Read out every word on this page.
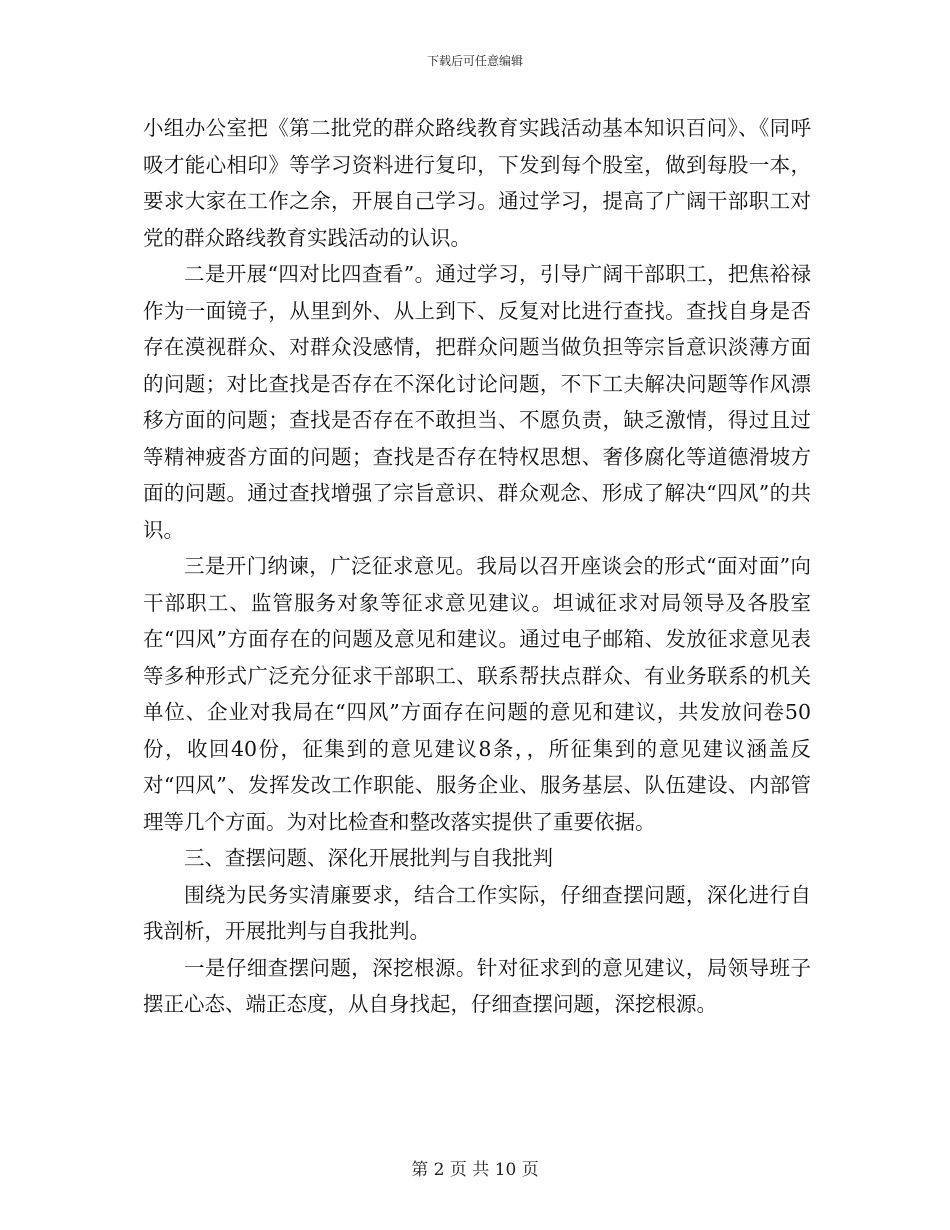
下载后可任意编辑

小组办公室把《第二批党的群众路线教育实践活动基本知识百问》、《同呼吸才能心相印》等学习资料进行复印，下发到每个股室，做到每股一本，要求大家在工作之余，开展自己学习。通过学习，提高了广阔干部职工对党的群众路线教育实践活动的认识。

二是开展“四对比四查看”。通过学习，引导广阔干部职工，把焦裕禄作为一面镜子，从里到外、从上到下、反复对比进行查找。查找自身是否存在漠视群众、对群众没感情，把群众问题当做负担等宗旨意识淡薄方面的问题；对比查找是否存在不深化讨论问题，不下工夫解决问题等作风漂移方面的问题；查找是否存在不敢担当、不愿负责，缺乏激情，得过且过等精神疲沓方面的问题；查找是否存在特权思想、奢侈腐化等道德滑坡方面的问题。通过查找增强了宗旨意识、群众观念、形成了解决“四风”的共识。

三是开门纳谏，广泛征求意见。我局以召开座谈会的形式“面对面”向干部职工、监管服务对象等征求意见建议。坦诚征求对局领导及各股室在“四风”方面存在的问题及意见和建议。通过电子邮箱、发放征求意见表等多种形式广泛充分征求干部职工、联系帮扶点群众、有业务联系的机关单位、企业对我局在“四风”方面存在问题的意见和建议，共发放问卷50份，收回40份，征集到的意见建议8条，，所征集到的意见建议涵盖反对“四风”、发挥发改工作职能、服务企业、服务基层、队伍建设、内部管理等几个方面。为对比检查和整改落实提供了重要依据。

三、查摆问题、深化开展批判与自我批判

围绕为民务实清廉要求，结合工作实际，仔细查摆问题，深化进行自我剖析，开展批判与自我批判。

一是仔细查摆问题，深挖根源。针对征求到的意见建议，局领导班子摆正心态、端正态度，从自身找起，仔细查摆问题，深挖根源。

第 2 页 共 10 页
